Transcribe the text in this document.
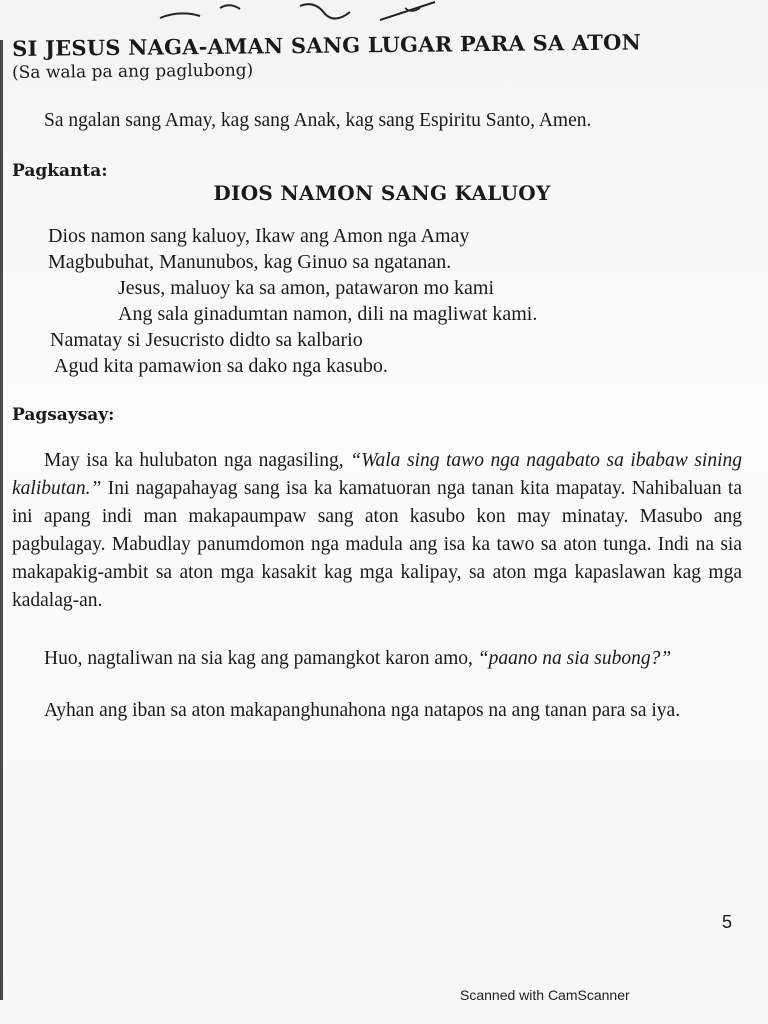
SI JESUS NAGA-AMAN SANG LUGAR PARA SA ATON

(Sa wala pa ang paglubong)

Sa ngalan sang Amay, kag sang Anak, kag sang Espiritu Santo, Amen.

Pagkanta:

DIOS NAMON SANG KALUOY

Dios namon sang kaluoy, Ikaw ang Amon nga Amay
Magbubuhat, Manunubos, kag Ginuo sa ngatanan.
Jesus, maluoy ka sa amon, patawaron mo kami
Ang sala ginadumtan namon, dili na magliwat kami.
Namatay si Jesucristo didto sa kalbario
Agud kita pamawion sa dako nga kasubo.

Pagsaysay:

May isa ka hulubaton nga nagasiling, “Wala sing tawo nga nagabato sa ibabaw sining kalibutan.” Ini nagapahayag sang isa ka kamatuoran nga tanan kita mapatay. Nahibaluan ta ini apang indi man makapaumpaw sang aton kasubo kon may minatay. Masubo ang pagbulagay. Mabudlay panumdomon nga madula ang isa ka tawo sa aton tunga. Indi na sia makapakig-ambit sa aton mga kasakit kag mga kalipay, sa aton mga kapaslawan kag mga kadalag-an.

Huo, nagtaliwan na sia kag ang pamangkot karon amo, “paano na sia subong?”

Ayhan ang iban sa aton makapanghunahona nga natapos na ang tanan para sa iya.

5
Scanned with CamScanner
